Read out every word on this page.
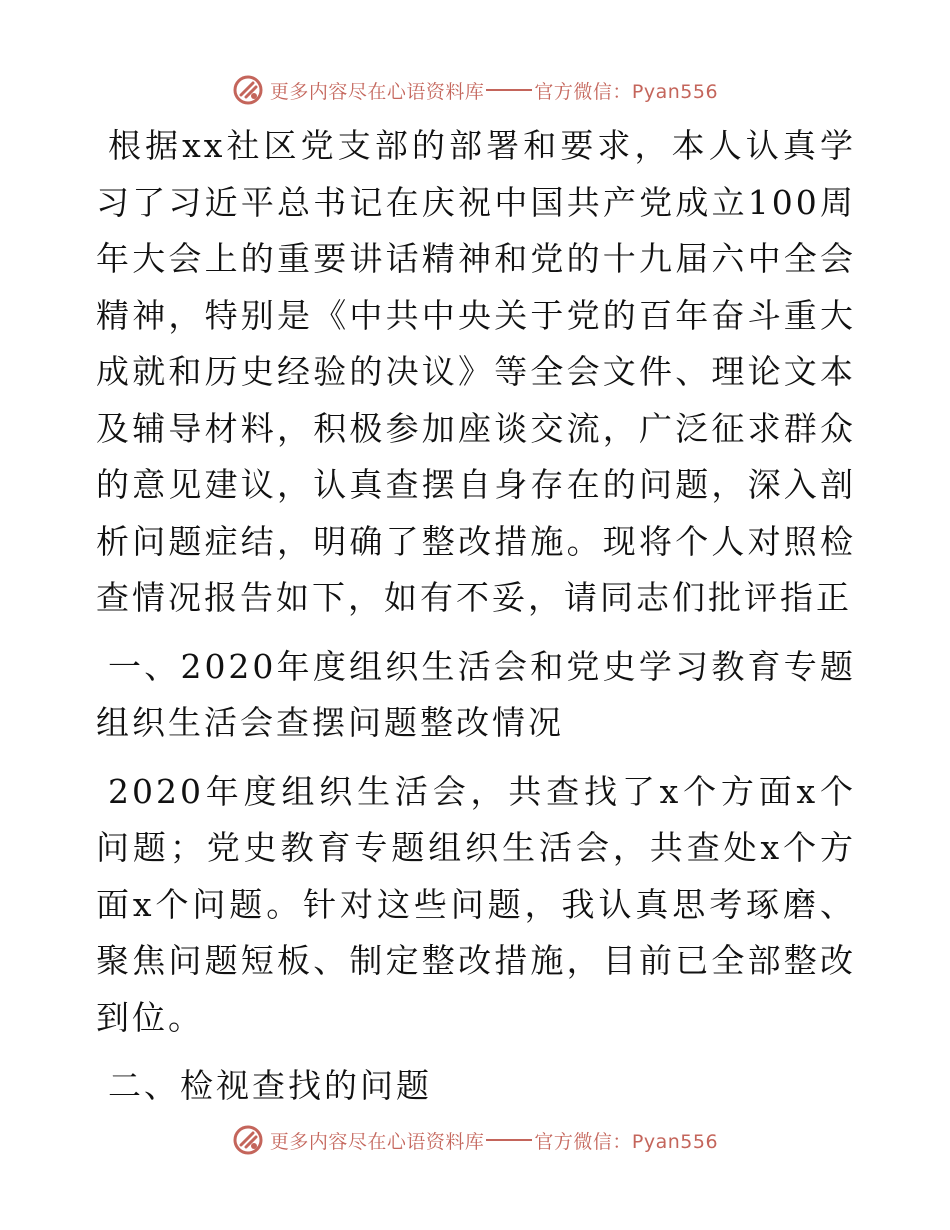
更多内容尽在心语资料库	官方微信：Pyan556

根据xx社区党支部的部署和要求，本人认真学习了习近平总书记在庆祝中国共产党成立100周年大会上的重要讲话精神和党的十九届六中全会精神，特别是《中共中央关于党的百年奋斗重大成就和历史经验的决议》等全会文件、理论文本及辅导材料，积极参加座谈交流，广泛征求群众的意见建议，认真查摆自身存在的问题，深入剖析问题症结，明确了整改措施。现将个人对照检查情况报告如下，如有不妥，请同志们批评指正

一、2020年度组织生活会和党史学习教育专题组织生活会查摆问题整改情况

2020年度组织生活会，共查找了x个方面x个问题；党史教育专题组织生活会，共查处x个方面x个问题。针对这些问题，我认真思考琢磨、聚焦问题短板、制定整改措施，目前已全部整改到位。

二、检视查找的问题

更多内容尽在心语资料库	官方微信：Pyan556
